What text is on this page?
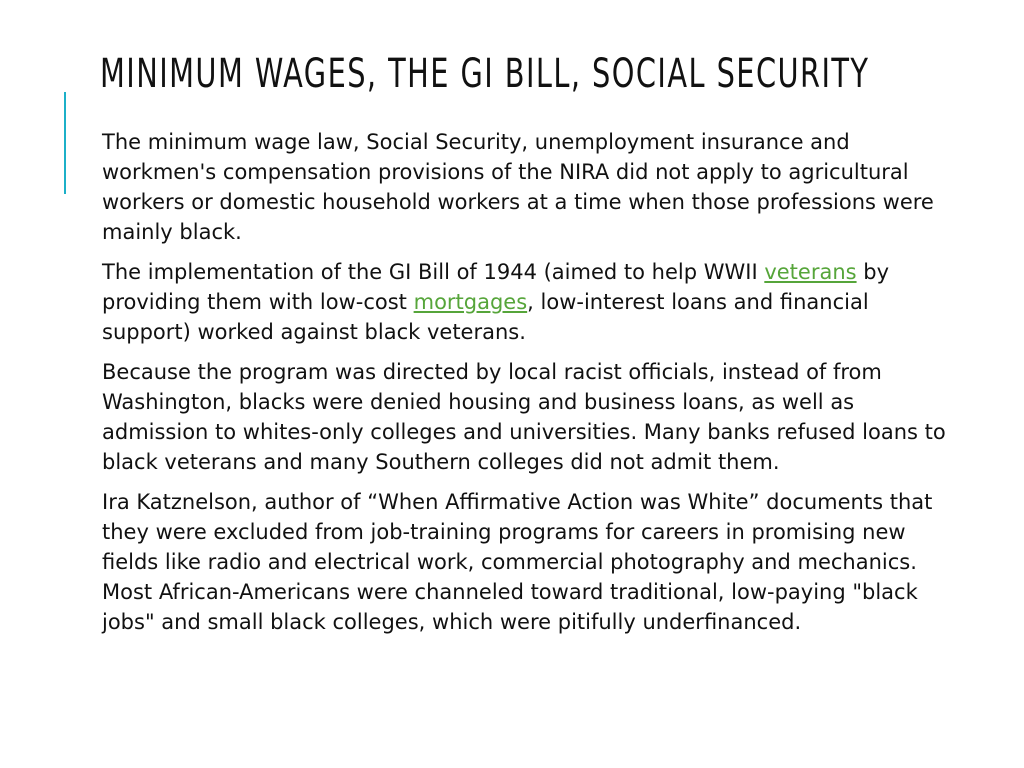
MINIMUM WAGES, THE GI BILL, SOCIAL SECURITY

The minimum wage law, Social Security, unemployment insurance and workmen's compensation provisions of the NIRA did not apply to agricultural workers or domestic household workers at a time when those professions were mainly black.

The implementation of the GI Bill of 1944 (aimed to help WWII veterans by providing them with low-cost mortgages, low-interest loans and financial support) worked against black veterans.

Because the program was directed by local racist officials, instead of from Washington, blacks were denied housing and business loans, as well as admission to whites-only colleges and universities. Many banks refused loans to black veterans and many Southern colleges did not admit them.

Ira Katznelson, author of “When Affirmative Action was White” documents that they were excluded from job-training programs for careers in promising new fields like radio and electrical work, commercial photography and mechanics. Most African-Americans were channeled toward traditional, low-paying "black jobs" and small black colleges, which were pitifully underfinanced.
